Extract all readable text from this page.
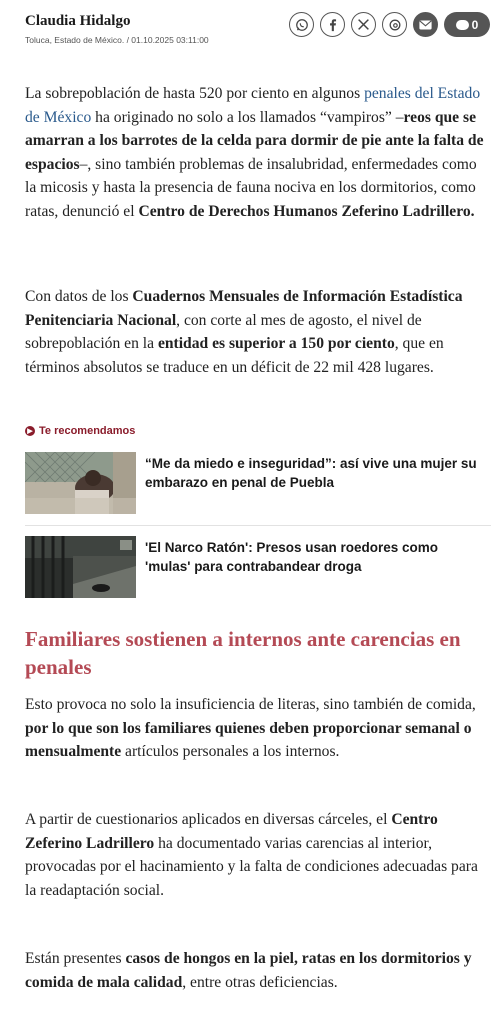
Claudia Hidalgo
Toluca, Estado de México. / 01.10.2025 03:11:00
0

La sobrepoblación de hasta 520 por ciento en algunos penales del Estado de México ha originado no solo a los llamados “vampiros” –reos que se amarran a los barrotes de la celda para dormir de pie ante la falta de espacios–, sino también problemas de insalubridad, enfermedades como la micosis y hasta la presencia de fauna nociva en los dormitorios, como ratas, denunció el Centro de Derechos Humanos Zeferino Ladrillero.

Con datos de los Cuadernos Mensuales de Información Estadística Penitenciaria Nacional, con corte al mes de agosto, el nivel de sobrepoblación en la entidad es superior a 150 por ciento, que en términos absolutos se traduce en un déficit de 22 mil 428 lugares.

▶ Te recomendamos
“Me da miedo e inseguridad”: así vive una mujer su embarazo en penal de Puebla
'El Narco Ratón': Presos usan roedores como 'mulas' para contrabandear droga
Familiares sostienen a internos ante carencias en penales

Esto provoca no solo la insuficiencia de literas, sino también de comida, por lo que son los familiares quienes deben proporcionar semanal o mensualmente artículos personales a los internos.

A partir de cuestionarios aplicados en diversas cárceles, el Centro Zeferino Ladrillero ha documentado varias carencias al interior, provocadas por el hacinamiento y la falta de condiciones adecuadas para la readaptación social.

Están presentes casos de hongos en la piel, ratas en los dormitorios y comida de mala calidad, entre otras deficiencias.
